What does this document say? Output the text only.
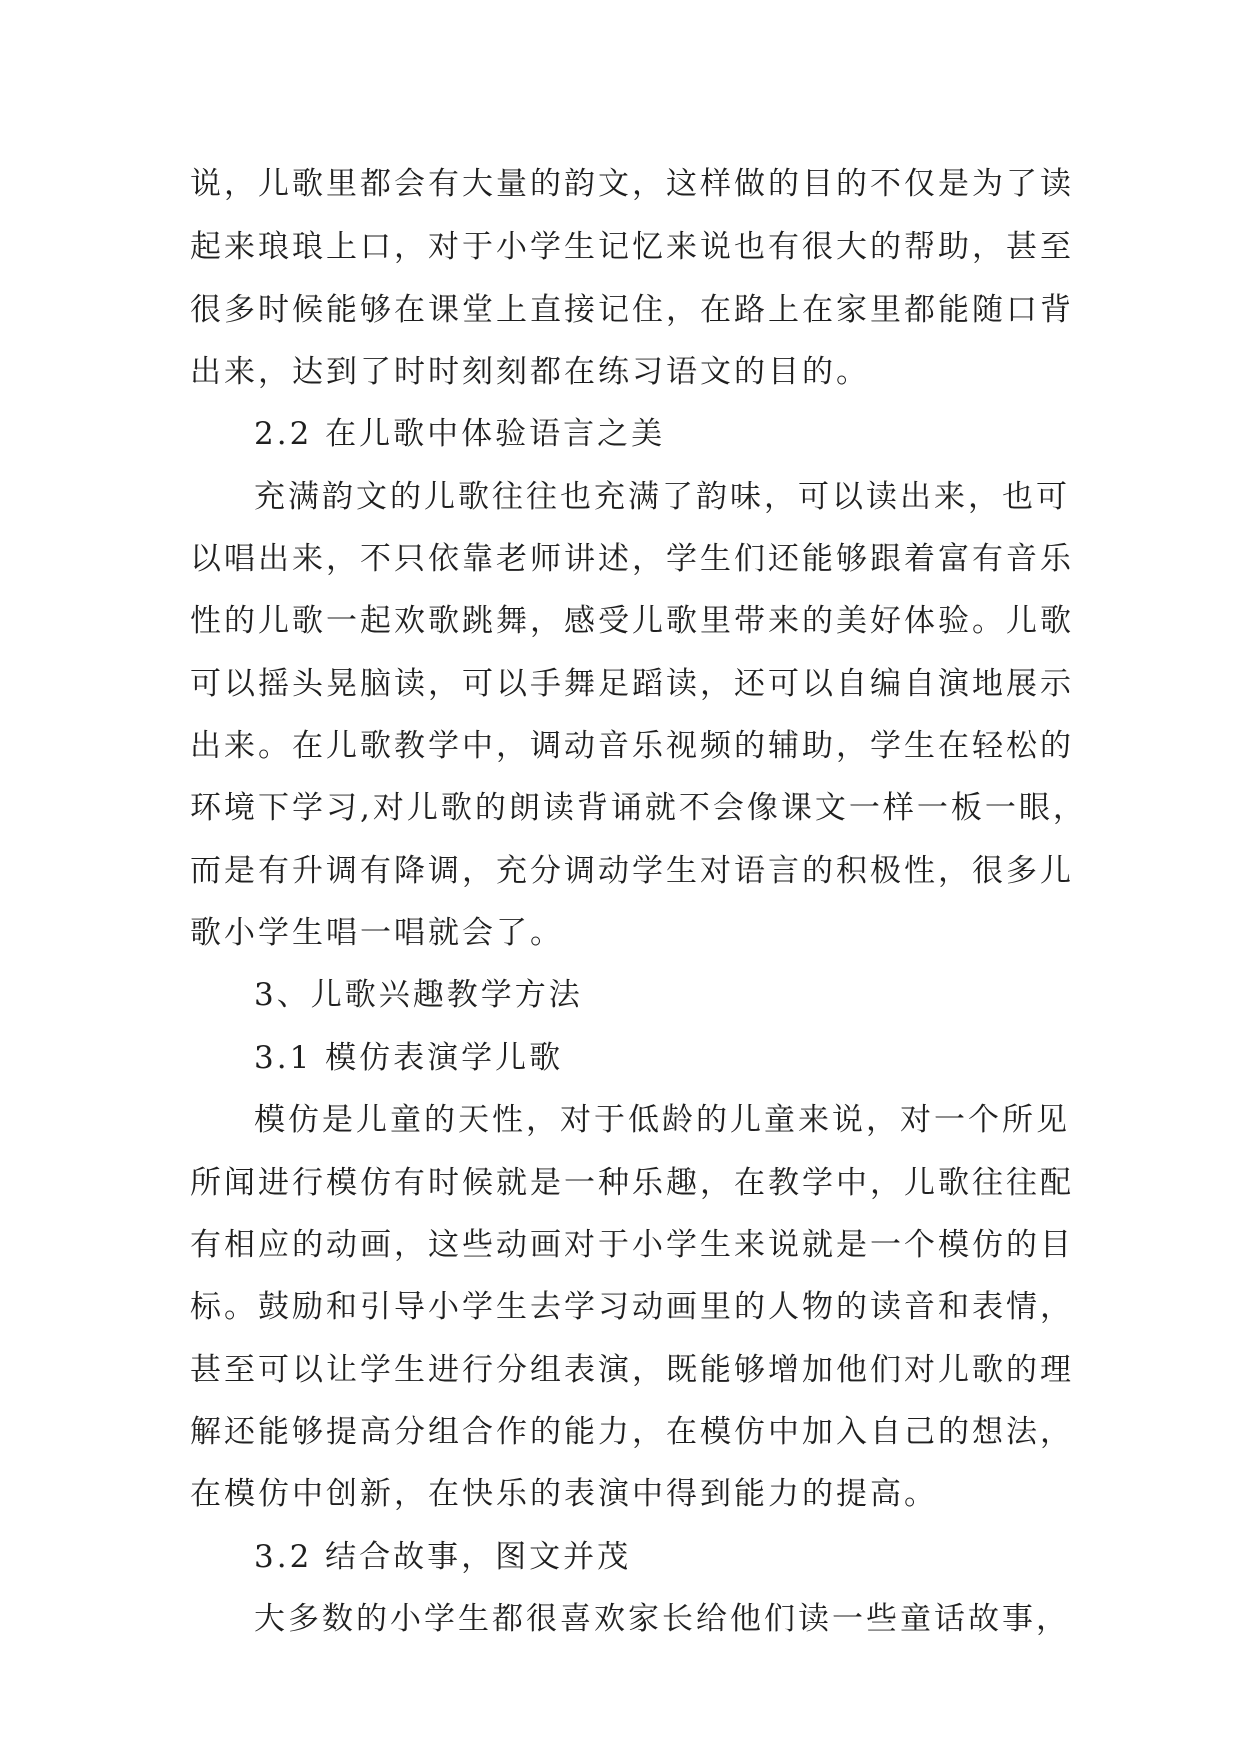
说，儿歌里都会有大量的韵文，这样做的目的不仅是为了读

起来琅琅上口，对于小学生记忆来说也有很大的帮助，甚至

很多时候能够在课堂上直接记住，在路上在家里都能随口背

出来，达到了时时刻刻都在练习语文的目的。

2.2 在儿歌中体验语言之美

充满韵文的儿歌往往也充满了韵味，可以读出来，也可

以唱出来，不只依靠老师讲述，学生们还能够跟着富有音乐

性的儿歌一起欢歌跳舞，感受儿歌里带来的美好体验。儿歌

可以摇头晃脑读，可以手舞足蹈读，还可以自编自演地展示

出来。在儿歌教学中，调动音乐视频的辅助，学生在轻松的

环境下学习,对儿歌的朗读背诵就不会像课文一样一板一眼，

而是有升调有降调，充分调动学生对语言的积极性，很多儿

歌小学生唱一唱就会了。

3、儿歌兴趣教学方法

3.1 模仿表演学儿歌

模仿是儿童的天性，对于低龄的儿童来说，对一个所见

所闻进行模仿有时候就是一种乐趣，在教学中，儿歌往往配

有相应的动画，这些动画对于小学生来说就是一个模仿的目

标。鼓励和引导小学生去学习动画里的人物的读音和表情，

甚至可以让学生进行分组表演，既能够增加他们对儿歌的理

解还能够提高分组合作的能力，在模仿中加入自己的想法，

在模仿中创新，在快乐的表演中得到能力的提高。

3.2 结合故事，图文并茂

大多数的小学生都很喜欢家长给他们读一些童话故事，
